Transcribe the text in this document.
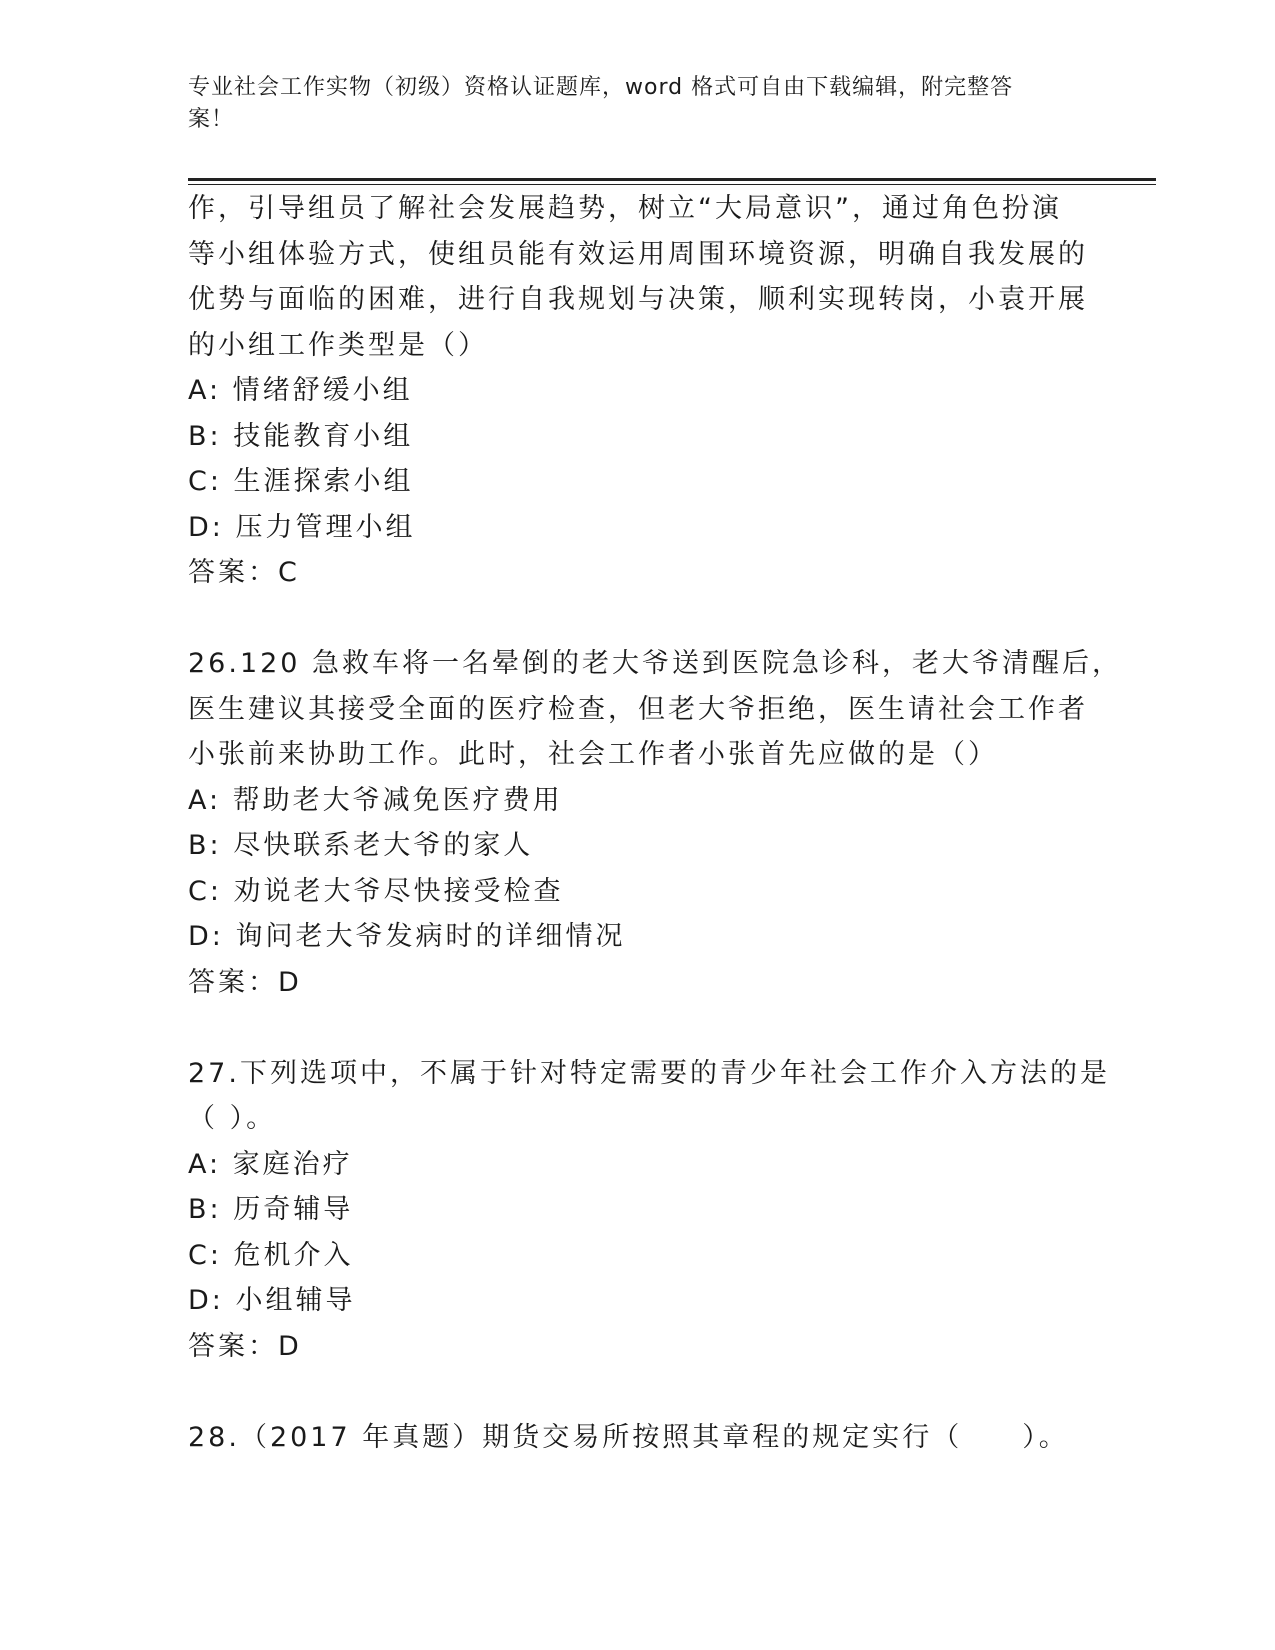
专业社会工作实物（初级）资格认证题库，word 格式可自由下载编辑，附完整答
案！
作，引导组员了解社会发展趋势，树立“大局意识”，通过角色扮演
等小组体验方式，使组员能有效运用周围环境资源，明确自我发展的
优势与面临的困难，进行自我规划与决策，顺利实现转岗，小袁开展
的小组工作类型是（）
A: 情绪舒缓小组
B: 技能教育小组
C: 生涯探索小组
D: 压力管理小组
答案：C
26.120 急救车将一名晕倒的老大爷送到医院急诊科，老大爷清醒后，
医生建议其接受全面的医疗检查，但老大爷拒绝，医生请社会工作者
小张前来协助工作。此时，社会工作者小张首先应做的是（）
A: 帮助老大爷减免医疗费用
B: 尽快联系老大爷的家人
C: 劝说老大爷尽快接受检查
D: 询问老大爷发病时的详细情况
答案：D
27.下列选项中，不属于针对特定需要的青少年社会工作介入方法的是
（ ）。
A: 家庭治疗
B: 历奇辅导
C: 危机介入
D: 小组辅导
答案：D
28.（2017 年真题）期货交易所按照其章程的规定实行（　　）。
